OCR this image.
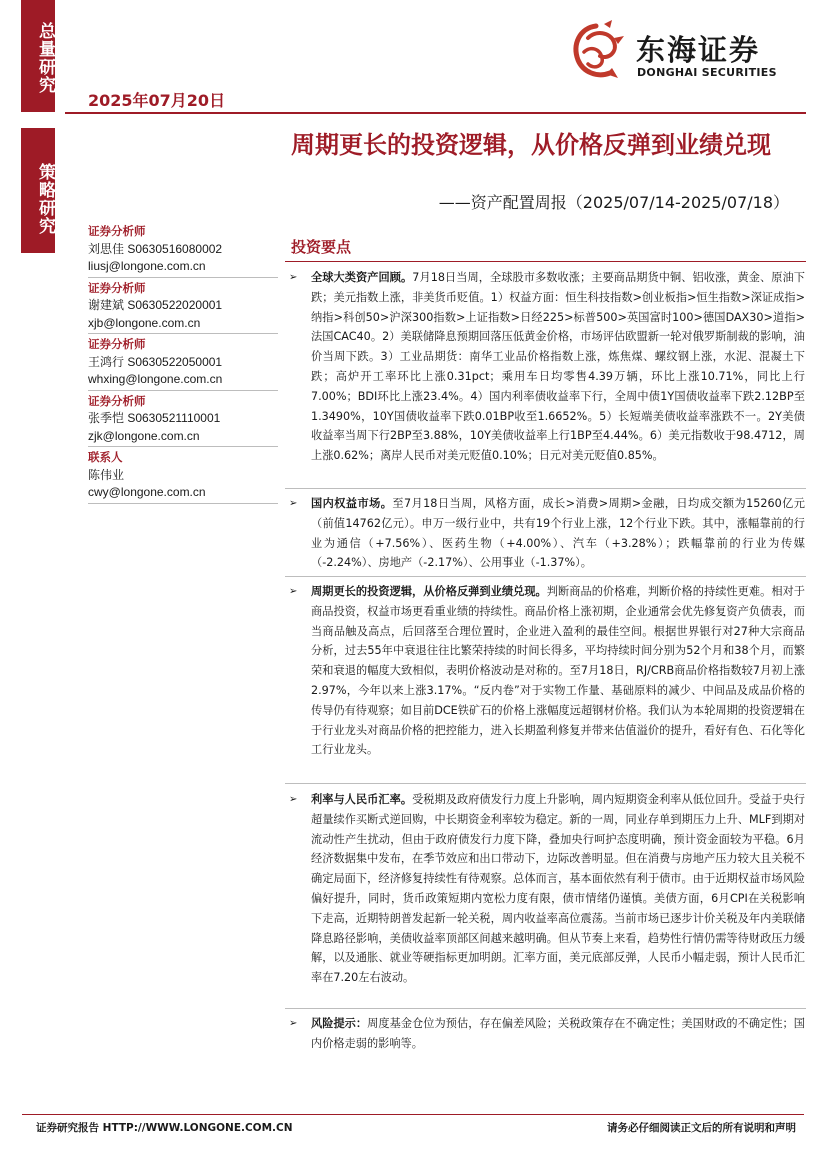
总量研究
策略研究
2025年07月20日
东海证券
DONGHAI SECURITIES
周期更长的投资逻辑，从价格反弹到业绩兑现
——资产配置周报（2025/07/14-2025/07/18）
证券分析师
刘思佳 S0630516080002
liusj@longone.com.cn
证券分析师
谢建斌 S0630522020001
xjb@longone.com.cn
证券分析师
王鸿行 S0630522050001
whxing@longone.com.cn
证券分析师
张季恺 S0630521110001
zjk@longone.com.cn
联系人
陈伟业
cwy@longone.com.cn
投资要点
➢ 全球大类资产回顾。7月18日当周，全球股市多数收涨；主要商品期货中铜、铝收涨，黄金、原油下跌；美元指数上涨，非美货币贬值。1）权益方面：恒生科技指数>创业板指>恒生指数>深证成指>纳指>科创50>沪深300指数>上证指数>日经225>标普500>英国富时100>德国DAX30>道指>法国CAC40。2）美联储降息预期回落压低黄金价格，市场评估欧盟新一轮对俄罗斯制裁的影响，油价当周下跌。3）工业品期货：南华工业品价格指数上涨，炼焦煤、螺纹钢上涨，水泥、混凝土下跌；高炉开工率环比上涨0.31pct；乘用车日均零售4.39万辆，环比上涨10.71%，同比上行7.00%；BDI环比上涨23.4%。4）国内利率债收益率下行，全周中债1Y国债收益率下跌2.12BP至1.3490%，10Y国债收益率下跌0.01BP收至1.6652%。5）长短端美债收益率涨跌不一。2Y美债收益率当周下行2BP至3.88%，10Y美债收益率上行1BP至4.44%。6）美元指数收于98.4712，周上涨0.62%；离岸人民币对美元贬值0.10%；日元对美元贬值0.85%。
➢ 国内权益市场。至7月18日当周，风格方面，成长>消费>周期>金融，日均成交额为15260亿元（前值14762亿元）。申万一级行业中，共有19个行业上涨，12个行业下跌。其中，涨幅靠前的行业为通信（+7.56%）、医药生物（+4.00%）、汽车（+3.28%）；跌幅靠前的行业为传媒（-2.24%）、房地产（-2.17%）、公用事业（-1.37%）。
➢ 周期更长的投资逻辑，从价格反弹到业绩兑现。判断商品的价格难，判断价格的持续性更难。相对于商品投资，权益市场更看重业绩的持续性。商品价格上涨初期，企业通常会优先修复资产负债表，而当商品触及高点，后回落至合理位置时，企业进入盈利的最佳空间。根据世界银行对27种大宗商品分析，过去55年中衰退往往比繁荣持续的时间长得多，平均持续时间分别为52个月和38个月，而繁荣和衰退的幅度大致相似，表明价格波动是对称的。至7月18日，RJ/CRB商品价格指数较7月初上涨2.97%，今年以来上涨3.17%。“反内卷”对于实物工作量、基础原料的减少、中间品及成品价格的传导仍有待观察；如目前DCE铁矿石的价格上涨幅度远超钢材价格。我们认为本轮周期的投资逻辑在于行业龙头对商品价格的把控能力，进入长期盈利修复并带来估值溢价的提升，看好有色、石化等化工行业龙头。
➢ 利率与人民币汇率。受税期及政府债发行力度上升影响，周内短期资金利率从低位回升。受益于央行超量续作买断式逆回购，中长期资金利率较为稳定。新的一周，同业存单到期压力上升、MLF到期对流动性产生扰动，但由于政府债发行力度下降，叠加央行呵护态度明确，预计资金面较为平稳。6月经济数据集中发布，在季节效应和出口带动下，边际改善明显。但在消费与房地产压力较大且关税不确定局面下，经济修复持续性有待观察。总体而言，基本面依然有利于债市。由于近期权益市场风险偏好提升，同时，货币政策短期内宽松力度有限，债市情绪仍谨慎。美债方面，6月CPI在关税影响下走高，近期特朗普发起新一轮关税，周内收益率高位震荡。当前市场已逐步计价关税及年内美联储降息路径影响，美债收益率顶部区间越来越明确。但从节奏上来看，趋势性行情仍需等待财政压力缓解，以及通胀、就业等硬指标更加明朗。汇率方面，美元底部反弹，人民币小幅走弱，预计人民币汇率在7.20左右波动。
➢ 风险提示：周度基金仓位为预估，存在偏差风险；关税政策存在不确定性；美国财政的不确定性；国内价格走弱的影响等。
证券研究报告 HTTP://WWW.LONGONE.COM.CN	请务必仔细阅读正文后的所有说明和声明
